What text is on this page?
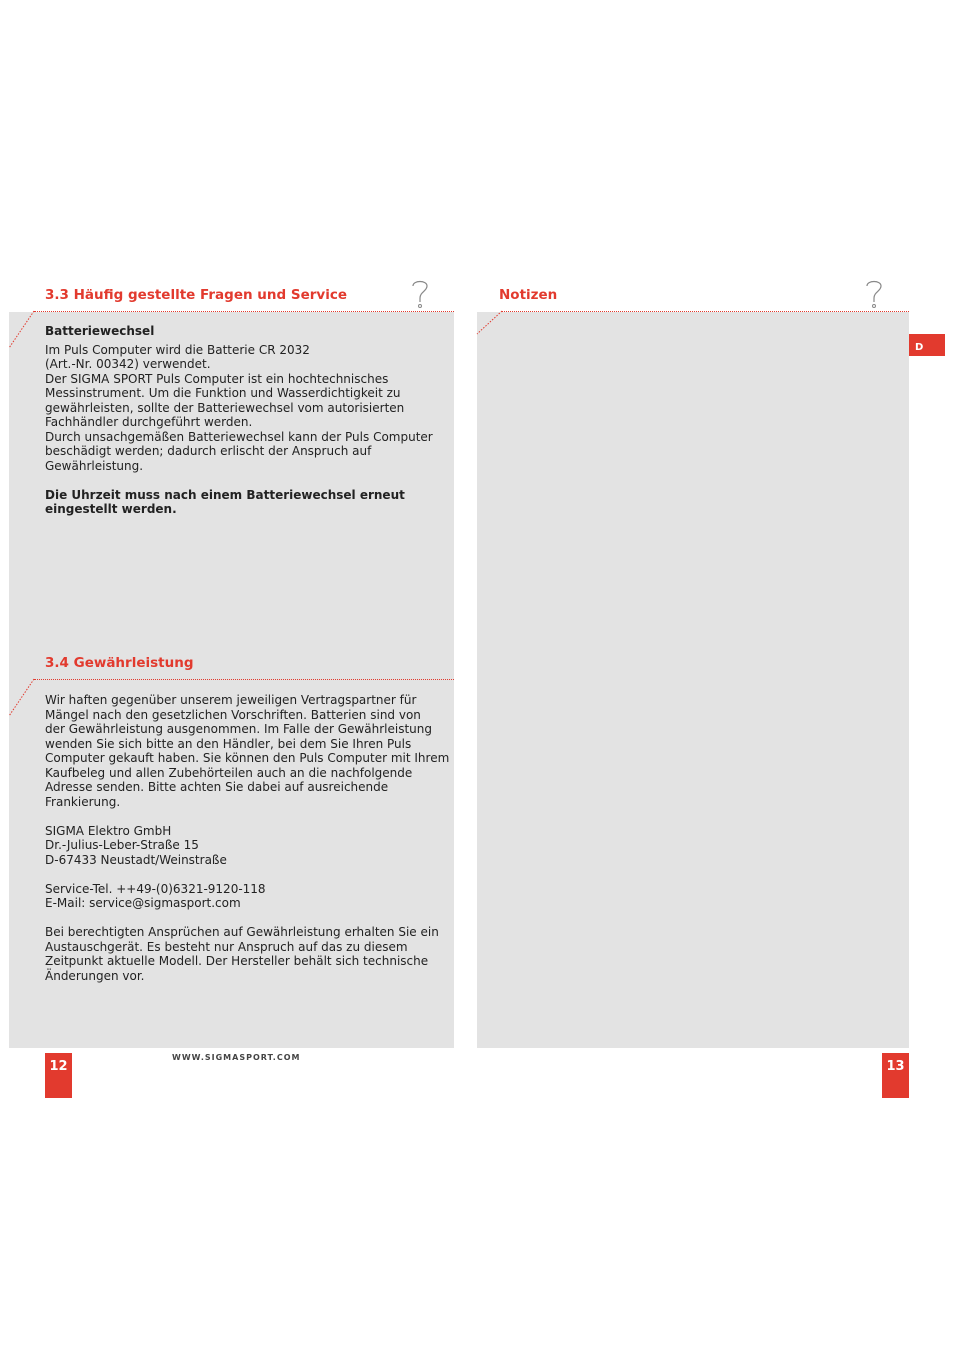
3.3 Häufig gestellte Fragen und Service

Batteriewechsel

Im Puls Computer wird die Batterie CR 2032

(Art.-Nr. 00342) verwendet.

Der SIGMA SPORT Puls Computer ist ein hochtechnisches

Messinstrument. Um die Funktion und Wasserdichtigkeit zu

gewährleisten, sollte der Batteriewechsel vom autorisierten

Fachhändler durchgeführt werden.

Durch unsachgemäßen Batteriewechsel kann der Puls Computer

beschädigt werden; dadurch erlischt der Anspruch auf

Gewährleistung.

Die Uhrzeit muss nach einem Batteriewechsel erneut

eingestellt werden.

3.4 Gewährleistung

Wir haften gegenüber unserem jeweiligen Vertragspartner für

Mängel nach den gesetzlichen Vorschriften. Batterien sind von

der Gewährleistung ausgenommen. Im Falle der Gewährleistung

wenden Sie sich bitte an den Händler, bei dem Sie Ihren Puls

Computer gekauft haben. Sie können den Puls Computer mit Ihrem

Kaufbeleg und allen Zubehörteilen auch an die nachfolgende

Adresse senden. Bitte achten Sie dabei auf ausreichende

Frankierung.

SIGMA Elektro GmbH

Dr.-Julius-Leber-Straße 15

D-67433 Neustadt/Weinstraße

Service-Tel. ++49-(0)6321-9120-118

E-Mail: service@sigmasport.com

Bei berechtigten Ansprüchen auf Gewährleistung erhalten Sie ein

Austauschgerät. Es besteht nur Anspruch auf das zu diesem

Zeitpunkt aktuelle Modell. Der Hersteller behält sich technische

Änderungen vor.

12
WWW.SIGMASPORT.COM
Notizen
D
13
